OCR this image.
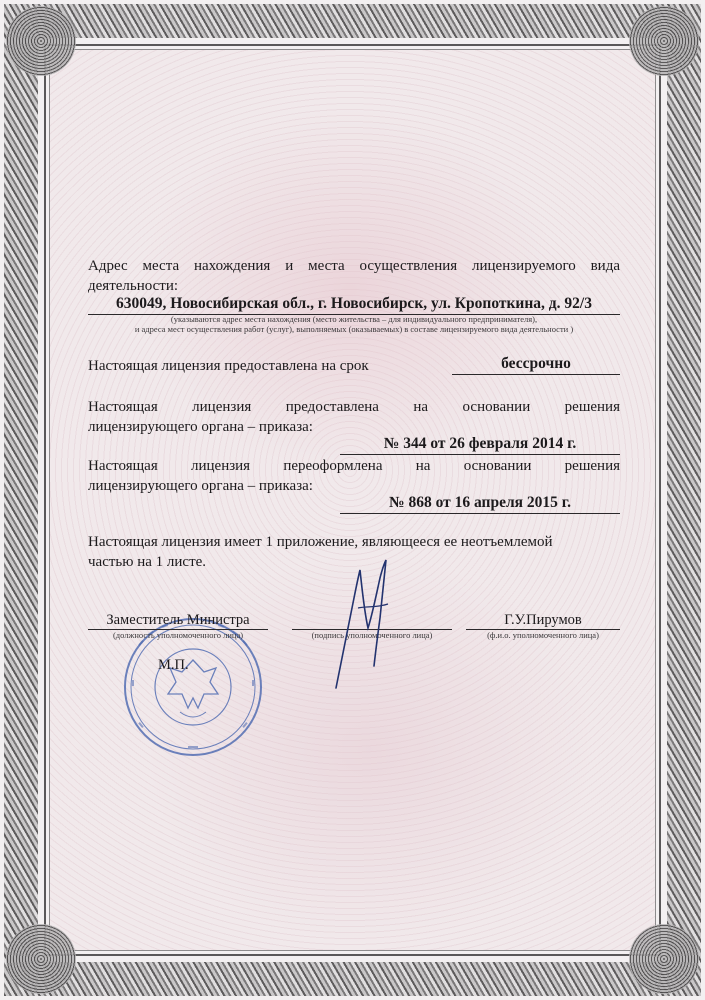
Адрес места нахождения и места осуществления лицензируемого вида
деятельности:
630049, Новосибирская обл., г. Новосибирск, ул. Кропоткина, д. 92/3
(указываются адрес места нахождения (место жительства – для индивидуального предпринимателя),
и адреса мест осуществления работ (услуг), выполняемых (оказываемых) в составе лицензируемого вида деятельности )
Настоящая лицензия предоставлена на срок	бессрочно
Настоящая лицензия предоставлена на основании решения
лицензирующего органа – приказа:
№ 344 от 26 февраля 2014 г.
Настоящая лицензия переоформлена на основании решения
лицензирующего органа – приказа:
№ 868 от 16 апреля 2015 г.
Настоящая лицензия имеет 1 приложение, являющееся ее неотъемлемой
частью на 1 листе.
М.П.
Заместитель Министра
(должность уполномоченного лица)	(подпись уполномоченного лица)
Г.У.Пирумов
(ф.и.о. уполномоченного лица)
